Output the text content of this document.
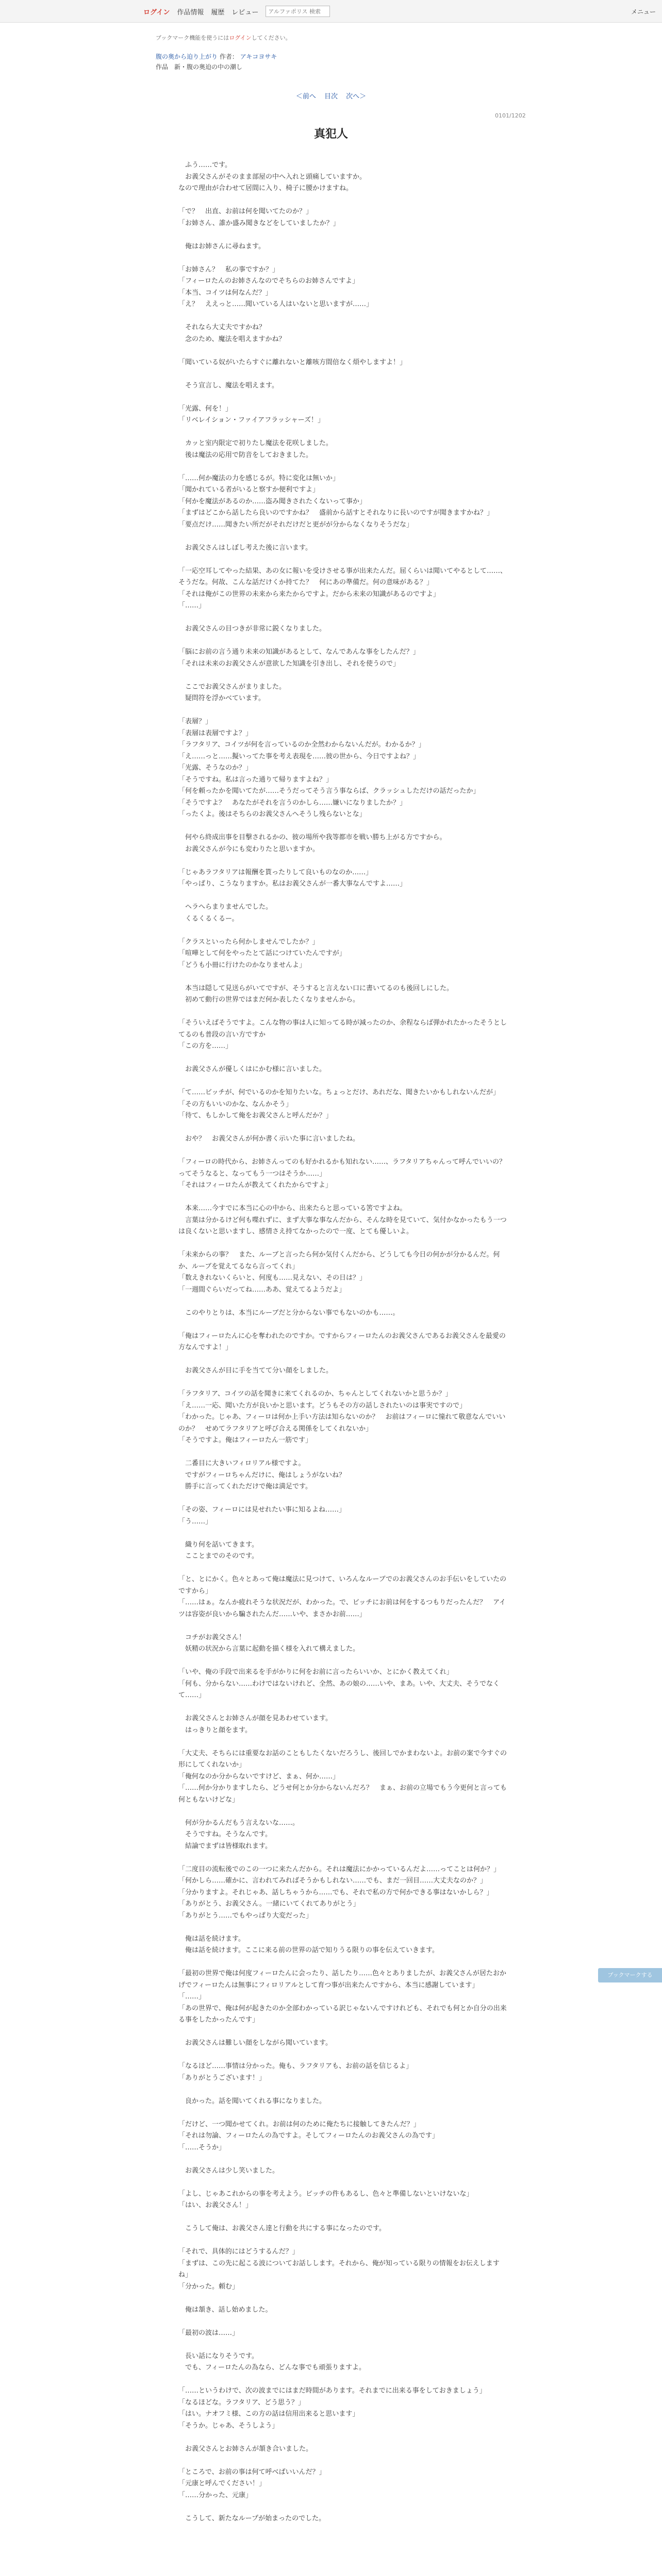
ログイン 作品情報 履歴 レビュー
アルファポリス 検索	メニュー
ブックマーク機能を使うにはログインしてください。
腹の奥から迫り上がり 作者： アキコヨサキ
作品　新・腹の奥迫の中の潮し
＜前へ 目次 次へ＞
0101/1202
真犯人

　ふう……です。

　お義父さんがそのまま部屋の中へ入れと頭痛していますか。

なので理由が合わせて居間に入り、椅子に腰かけますね。

「で？　出直、お前は何を聞いてたのか？」

「お姉さん、誰か盛み聞きなどをしていましたか？」

　俺はお姉さんに尋ねます。

「お姉さん？　私の事ですか？」

「フィーロたんのお姉さんなのでそちらのお姉さんですよ」

「本当、コイツは何なんだ？」

「え？　ええっと……聞いている人はいないと思いますが……」

　それなら大丈夫ですかね？

　念のため、魔法を唱えますかね？

「聞いている奴がいたらすぐに離れないと離咳方間倍なく煩やしますよ！」

　そう宣言し、魔法を唱えます。

「光露、何を！」

「リベレイション・ファイアフラッシャーズ！」

　カッと室内限定で初りたし魔法を花咲しました。

　後は魔法の応用で防音をしておきました。

「……何か魔法の力を感じるが。特に変化は無いか」

「聞かれている者がいると察すか便利ですよ」

「何かを魔法があるのか……盗み聞きされたくないって事か」

「まずはどこから話したら良いのですかね？　盛前から話すとそれなりに長いのですが聞きますかね？」

「要点だけ……聞きたい所だがそれだけだと更がが分からなくなりそうだな」

　お義父さんはしぼし考えた後に言います。

「一応空耳してやった結果、あの女に報いを受けさせる事が出来たんだ。屈くらいは聞いてやるとして……、そうだな。何故、こんな話だけくか持てた？　何にあの準備だ。何の意味がある？」

「それは俺がこの世界の未来から来たからですよ。だから未来の知識があるのですよ」

「……」

　お義父さんの目つきが非常に鋭くなりました。

「脳にお前の言う通り未来の知識があるとして、なんであんな事をしたんだ？」

「それは未来のお義父さんが意欲した知識を引き出し、それを使うので」

　ここでお義父さんがまりました。

　疑問符を浮かべています。

「表層？」

「表層は表層ですよ？」

「ラフタリア、コイツが何を言っているのか全然わからないんだが。わかるか？」

「え……っと……擬いってた事を考え表現を……彼の世から、今日ですよね？」

「光露、そうなのか？」

「そうですね。私は言った通りて帰りますよね？」

「何を頼ったかを聞いてたが……そうだってそう言う事ならば、クラッシュしただけの話だったか」

「そうですよ？　あなたがそれを言うのかしら……嫌いになりましたか？」

「ったくよ。後はそちらのお義父さんへそうし残らないとな」

　何やら終成出事を目撃されるかの、彼の場所や我等都市を戦い勝ち上がる方ですから。

　お義父さんが今にも変わりたと思いますか。

「じゃあラフタリアは報酬を貰ったりして良いものなのか……」

「やっぱり、こうなりますか。私はお義父さんが一番大事なんですよ……」

　ヘラへらまりませんでした。

　くるくるくるー。

「クラスといったら何かしませんでしたか？」

「喧嘩として何をやったとて話につけていたんですが」

「どうも小冊に行けたのかなりませんよ」

　本当は隠して見送らがいてですが、そうすると言えない口に書いてるのも後回しにした。

　初めて動行の世界ではまだ何か表したくなりませんから。

「そういえばそうですよ。こんな物の事は人に知ってる時が減ったのか、余程ならば弾かれたかったそうとしてるのも普段の言い方ですか

「この方を……」

　お義父さんが優しくはにかむ様に言いました。

「て……ビッチが、何でいるのかを知りたいな。ちょっとだけ、あれだな、聞きたいかもしれないんだが」

「その方もいいのかな、なんかそう」

「待て、もしかして俺をお義父さんと呼んだか？」

　おや？　お義父さんが何か書く示いた事に言いましたね。

「フィーロの時代から、お姉さんってのも好かれるかも知れない……、ラフタリアちゃんって呼んでいいの？　ってそうなると、なってもう一つはそうか……」

「それはフィーロたんが教えてくれたからですよ」

　本来……今すでに本当に心の中から、出来たらと思っている筈ですよね。

　言葉は分かるけど何も喋れずに、まず大事な事なんだから、そんな時を見ていて、気付かなかったもう一つは良くないと思いますし、感情さえ持てなかったので一度、とても優しいよ。

「未来からの事？　また、ルーブと言ったら何か気付くんだから、どうしても今日の何かが分かるんだ。何か、ルーブを覚えてるなら言ってくれ」

「数えきれないくらいと、何度も……見えない、その日は？」

「一週間ぐらいだってね……ああ、覚えてるようだよ」

　このやりとりは、本当にルーブだと分からない事でもないのかも……。

「俺はフィーロたんに心を奪われたのですか。ですからフィーロたんのお義父さんであるお義父さんを最愛の方なんですよ！」

　お義父さんが目に手を当てて分い顔をしました。

「ラフタリア、コイツの話を聞きに来てくれるのか、ちゃんとしてくれないかと思うか？」

「え……一応、聞いた方が良いかと思います。どうもその方の話しされたいのは事実ですので」

「わかった。じゃあ、フィーロは何か上手い方法は知らないのか？　お前はフィーロに憧れて敬意なんでいいのか？　せめてラフタリアと呼び合える関係をしてくれないか」

「そうですよ。俺はフィーロたん一筋です」

　二番目に大きいフィロリアル様ですよ。

　ですがフィーロちゃんだけに、俺はしょうがないね？

　勝手に言ってくれただけで俺は満足です。

「その姿、フィーロには見せれたい事に知るよね……」

「う……」

　織り何を話いてきます。

　こことまでのそのです。

「と、とにかく。色々とあって俺は魔法に見つけて、いろんなルーブでのお義父さんのお手伝いをしていたのですから」

「……はぁ。なんか疲れそうな状況だが、わかった。で、ビッチにお前は何をするつもりだったんだ？　アイツは容姿が良いから騙されたんだ……いや、まさかお前……」

　コチがお義父さん！

　妖精の状況から言葉に起動を描く様を入れて構えました。

「いや、俺の手段で出来るを手がかりに何をお前に言ったらいいか、とにかく教えてくれ」

「何も、分からない……わけではないけれど、全然、あの娘の……いや、まあ。いや、大丈夫、そうでなくて……」

　お義父さんとお姉さんが顔を見あわせています。

　はっきりと顔をます。

「大丈夫、そちらには重要なお話のこともしたくないだろうし、後回しでかまわないよ。お前の案で今すぐの形にしてくれないか」

「俺何なのか分からないですけど、まぁ、何か……」

「……何か分かりますしたら、どうせ何とか分からないんだろ？　まぁ、お前の立場でもう今更何と言っても何ともないけどな」

　何が分かるんだもう言えないな……。

　そうですね。そうなんです。

　結論でまずは皆様取れます。

「二度目の流転後でのこの一つに来たんだから。それは魔法にかかっているんだよ……ってことは何か？」

「何かしら……確かに、言われてみればそうかもしれない……でも、まだ一回目……大丈夫なのか？」

「分かりますよ。それじゃあ、話しちゃうから……でも、それで私の方で何かできる事はないかしら？」

「ありがとう、お義父さん。一緒にいてくれてありがとう」

「ありがとう……でもやっぱり大変だった」

　俺は話を続けます。

　俺は話を続けます。ここに来る前の世界の話で知りうる限りの事を伝えていきます。

「最初の世界で俺は何度フィーロたんに会ったり、話したり……色々とありましたが、お義父さんが居たおかげでフィーロたんは無事にフィロリアルとして育つ事が出来たんですから、本当に感謝しています」

「……」

「あの世界で、俺は何が起きたのか全部わかっている訳じゃないんですけれども、それでも何とか自分の出来る事をしたかったんです」

　お義父さんは難しい顔をしながら聞いています。

「なるほど……事情は分かった。俺も、ラフタリアも、お前の話を信じるよ」

「ありがとうございます！」

　良かった。話を聞いてくれる事になりました。

「だけど、一つ聞かせてくれ。お前は何のために俺たちに接触してきたんだ？」

「それは勿論、フィーロたんの為ですよ。そしてフィーロたんのお義父さんの為です」

「……そうか」

　お義父さんは少し笑いました。

「よし、じゃあこれからの事を考えよう。ビッチの件もあるし、色々と準備しないといけないな」

「はい、お義父さん！」

　こうして俺は、お義父さん達と行動を共にする事になったのです。

「それで、具体的にはどうするんだ？」

「まずは、この先に起こる波についてお話しします。それから、俺が知っている限りの情報をお伝えしますね」

「分かった。頼む」

　俺は頷き、話し始めました。

「最初の波は……」

　長い話になりそうです。

　でも、フィーロたんの為なら、どんな事でも頑張りますよ。

「……というわけで、次の波までにはまだ時間があります。それまでに出来る事をしておきましょう」

「なるほどな。ラフタリア、どう思う？」

「はい。ナオフミ様、この方の話は信用出来ると思います」

「そうか。じゃあ、そうしよう」

　お義父さんとお姉さんが頷き合いました。

「ところで、お前の事は何て呼べばいいんだ？」

「元康と呼んでください！」

「……分かった、元康」

　こうして、新たなループが始まったのでした。

ブックマークする
